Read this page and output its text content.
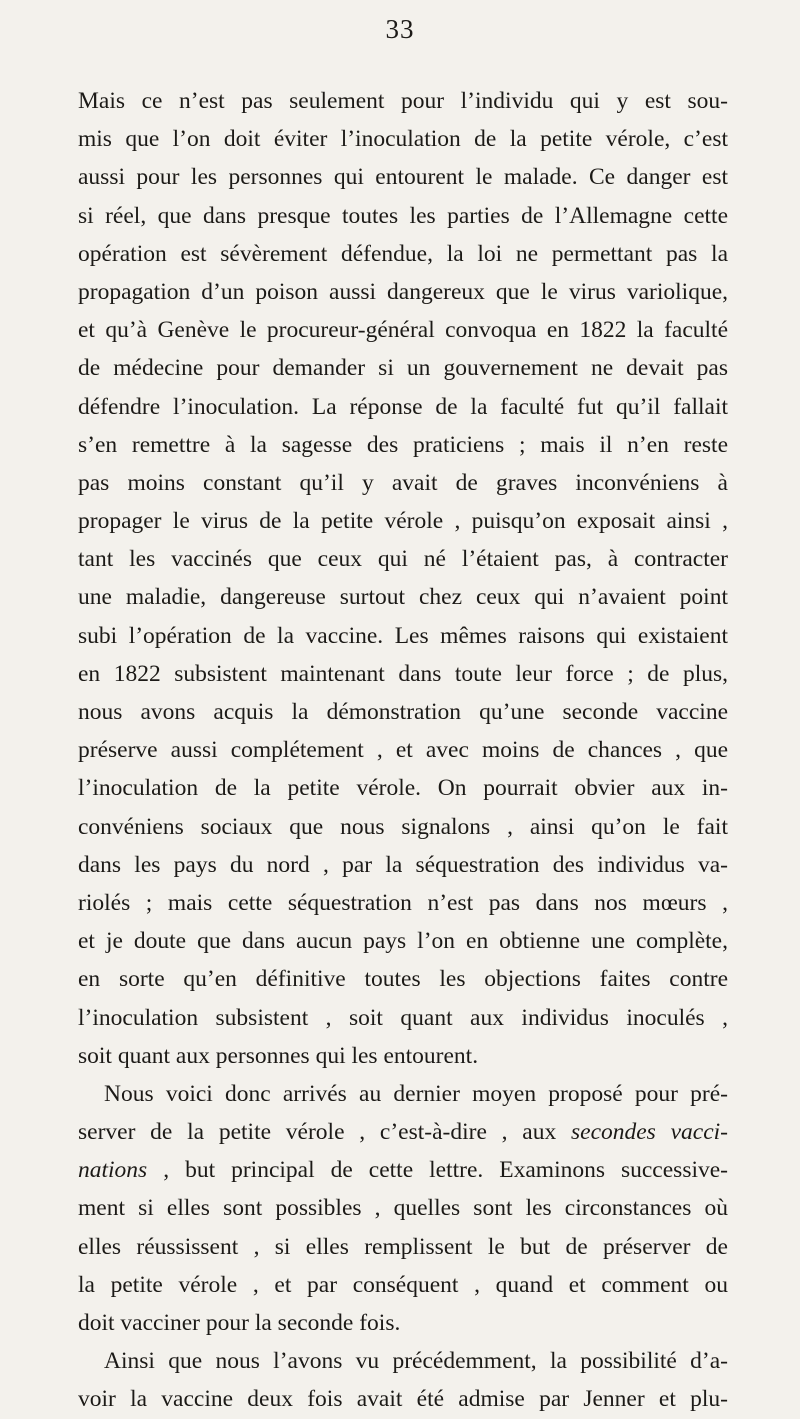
33
Mais ce n’est pas seulement pour l’individu qui y est sou-
mis que l’on doit éviter l’inoculation de la petite vérole, c’est
aussi pour les personnes qui entourent le malade. Ce danger est
si réel, que dans presque toutes les parties de l’Allemagne cette
opération est sévèrement défendue, la loi ne permettant pas la
propagation d’un poison aussi dangereux que le virus variolique,
et qu’à Genève le procureur-général convoqua en 1822 la faculté
de médecine pour demander si un gouvernement ne devait pas
défendre l’inoculation. La réponse de la faculté fut qu’il fallait
s’en remettre à la sagesse des praticiens ; mais il n’en reste
pas moins constant qu’il y avait de graves inconvéniens à
propager le virus de la petite vérole , puisqu’on exposait ainsi ,
tant les vaccinés que ceux qui né l’étaient pas, à contracter
une maladie, dangereuse surtout chez ceux qui n’avaient point
subi l’opération de la vaccine. Les mêmes raisons qui existaient
en 1822 subsistent maintenant dans toute leur force ; de plus,
nous avons acquis la démonstration qu’une seconde vaccine
préserve aussi complétement , et avec moins de chances , que
l’inoculation de la petite vérole. On pourrait obvier aux in-
convéniens sociaux que nous signalons , ainsi qu’on le fait
dans les pays du nord , par la séquestration des individus va-
riolés ; mais cette séquestration n’est pas dans nos mœurs ,
et je doute que dans aucun pays l’on en obtienne une complète,
en sorte qu’en définitive toutes les objections faites contre
l’inoculation subsistent , soit quant aux individus inoculés ,
soit quant aux personnes qui les entourent.
Nous voici donc arrivés au dernier moyen proposé pour pré-
server de la petite vérole , c’est-à-dire , aux secondes vacci-
nations , but principal de cette lettre. Examinons successive-
ment si elles sont possibles , quelles sont les circonstances où
elles réussissent , si elles remplissent le but de préserver de
la petite vérole , et par conséquent , quand et comment ou
doit vacciner pour la seconde fois.
Ainsi que nous l’avons vu précédemment, la possibilité d’a-
voir la vaccine deux fois avait été admise par Jenner et plu-
